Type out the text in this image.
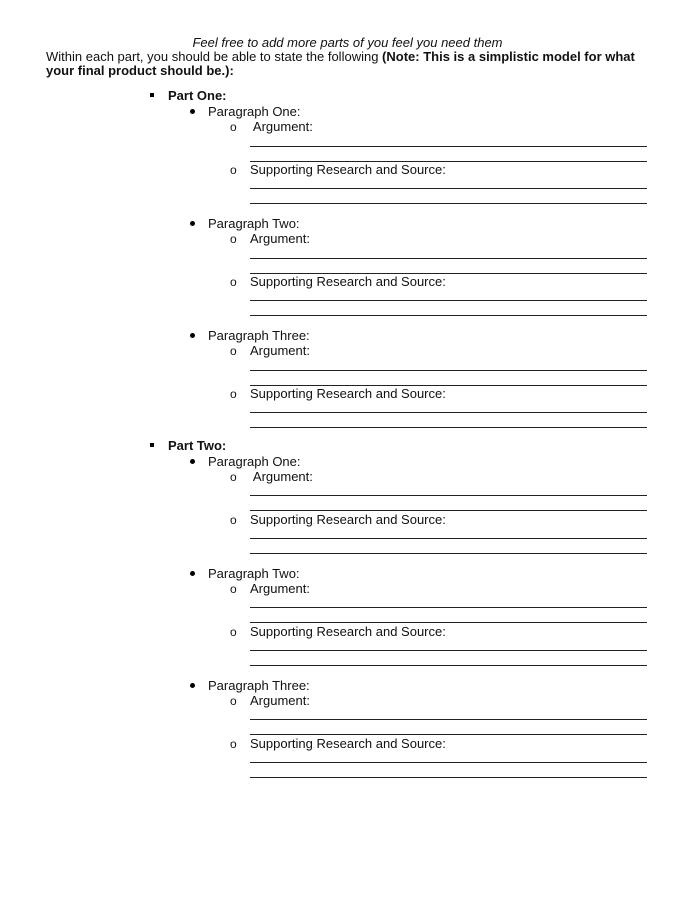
Feel free to add more parts of you feel you need them
Within each part, you should be able to state the following (Note: This is a simplistic model for what your final product should be.):
Part One:
Paragraph One:
o Argument:
o Supporting Research and Source:
Paragraph Two:
o Argument:
o Supporting Research and Source:
Paragraph Three:
o Argument:
o Supporting Research and Source:
Part Two:
Paragraph One:
o Argument:
o Supporting Research and Source:
Paragraph Two:
o Argument:
o Supporting Research and Source:
Paragraph Three:
o Argument:
o Supporting Research and Source:
